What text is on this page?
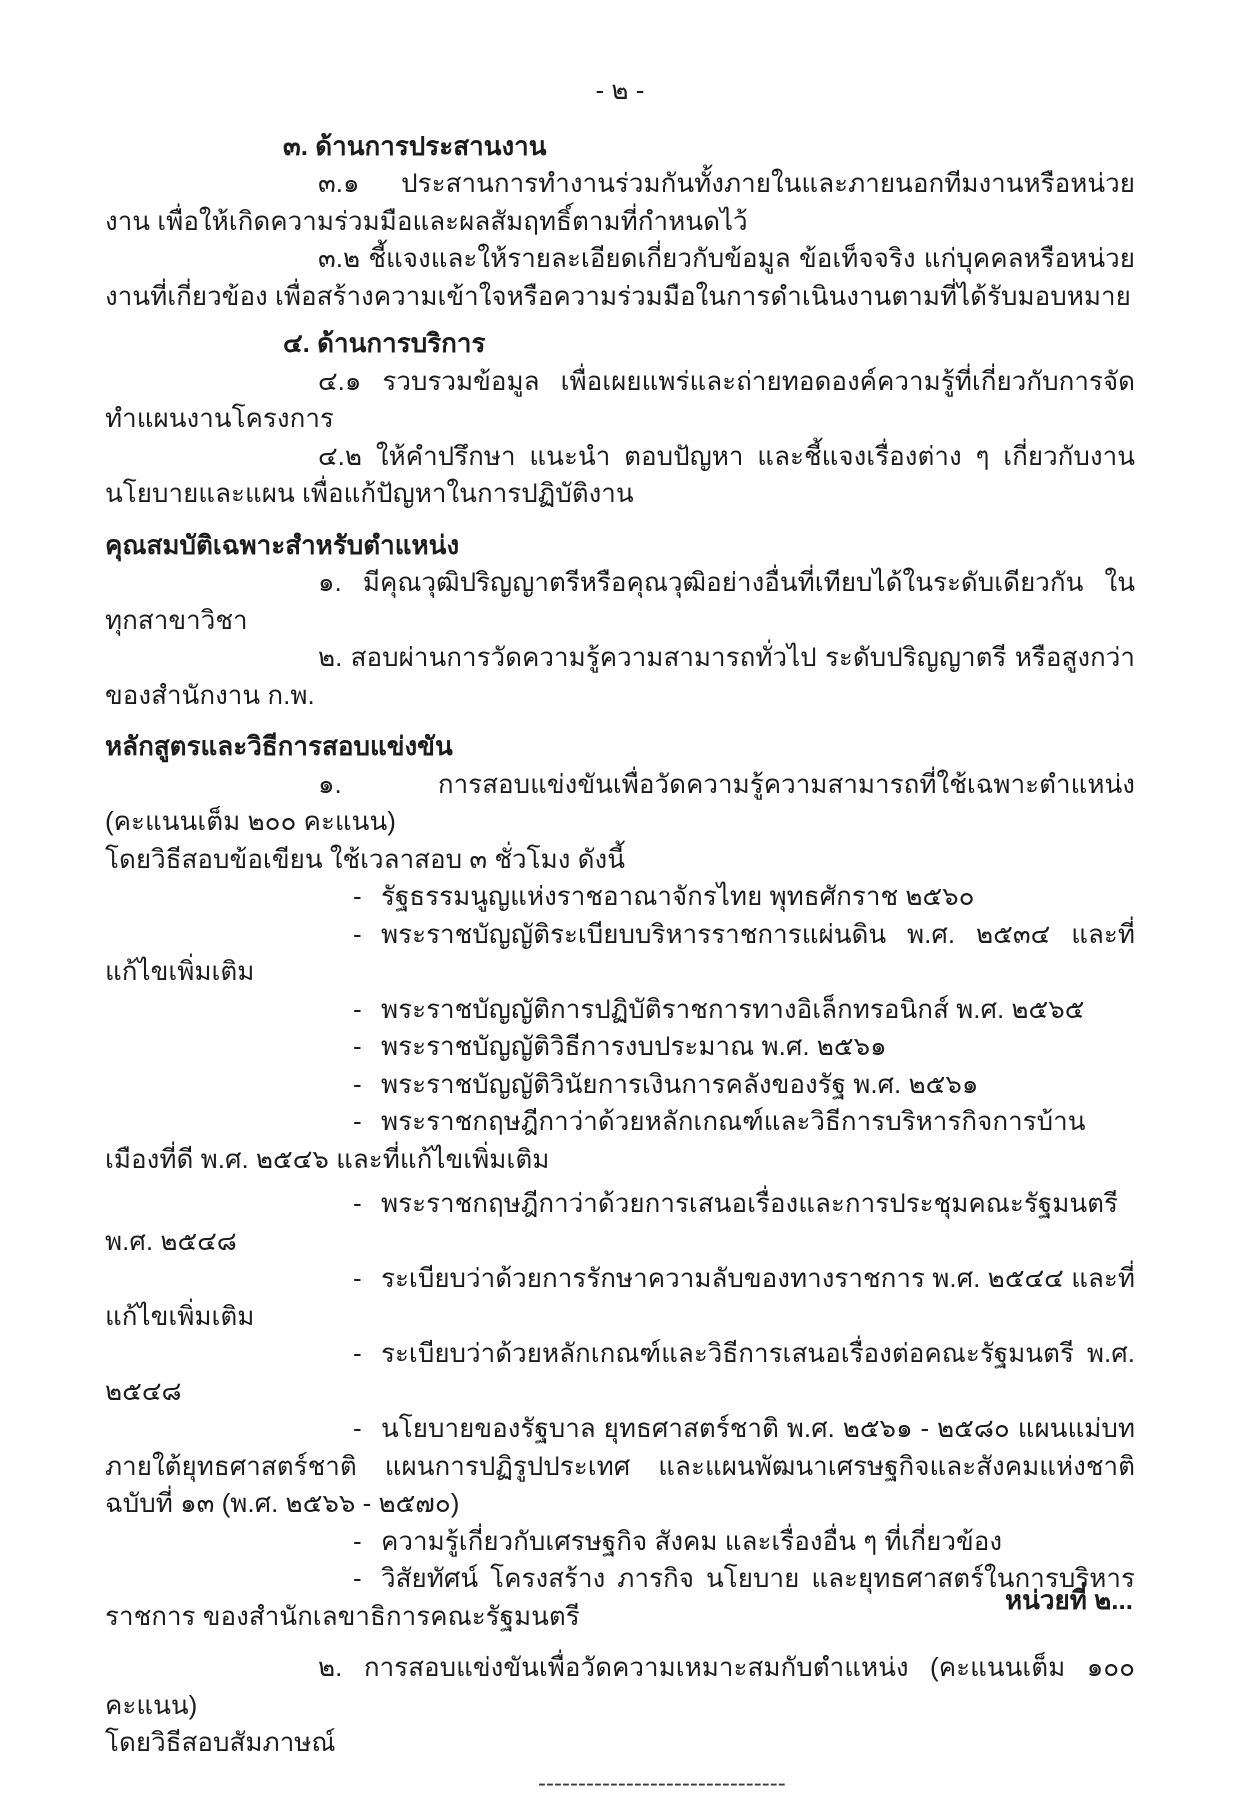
- ๒ -

๓. ด้านการประสานงาน

๓.๑ ประสานการทำงานร่วมกันทั้งภายในและภายนอกทีมงานหรือหน่วยงาน เพื่อให้เกิดความร่วมมือและผลสัมฤทธิ์ตามที่กำหนดไว้

๓.๒ ชี้แจงและให้รายละเอียดเกี่ยวกับข้อมูล ข้อเท็จจริง แก่บุคคลหรือหน่วยงานที่เกี่ยวข้อง เพื่อสร้างความเข้าใจหรือความร่วมมือในการดำเนินงานตามที่ได้รับมอบหมาย

๔. ด้านการบริการ

๔.๑ รวบรวมข้อมูล เพื่อเผยแพร่และถ่ายทอดองค์ความรู้ที่เกี่ยวกับการจัดทำแผนงานโครงการ

๔.๒ ให้คำปรึกษา แนะนำ ตอบปัญหา และชี้แจงเรื่องต่าง ๆ เกี่ยวกับงานนโยบายและแผน เพื่อแก้ปัญหาในการปฏิบัติงาน

คุณสมบัติเฉพาะสำหรับตำแหน่ง

๑. มีคุณวุฒิปริญญาตรีหรือคุณวุฒิอย่างอื่นที่เทียบได้ในระดับเดียวกัน ในทุกสาขาวิชา

๒. สอบผ่านการวัดความรู้ความสามารถทั่วไป ระดับปริญญาตรี หรือสูงกว่า ของสำนักงาน ก.พ.

หลักสูตรและวิธีการสอบแข่งขัน

๑. การสอบแข่งขันเพื่อวัดความรู้ความสามารถที่ใช้เฉพาะตำแหน่ง (คะแนนเต็ม ๒๐๐ คะแนน)
โดยวิธีสอบข้อเขียน ใช้เวลาสอบ ๓ ชั่วโมง ดังนี้

- รัฐธรรมนูญแห่งราชอาณาจักรไทย พุทธศักราช ๒๕๖๐

- พระราชบัญญัติระเบียบบริหารราชการแผ่นดิน พ.ศ. ๒๕๓๔ และที่แก้ไขเพิ่มเติม

- พระราชบัญญัติการปฏิบัติราชการทางอิเล็กทรอนิกส์ พ.ศ. ๒๕๖๕

- พระราชบัญญัติวิธีการงบประมาณ พ.ศ. ๒๕๖๑

- พระราชบัญญัติวินัยการเงินการคลังของรัฐ พ.ศ. ๒๕๖๑

- พระราชกฤษฎีกาว่าด้วยหลักเกณฑ์และวิธีการบริหารกิจการบ้านเมืองที่ดี พ.ศ. ๒๕๔๖ และที่แก้ไขเพิ่มเติม

- พระราชกฤษฎีกาว่าด้วยการเสนอเรื่องและการประชุมคณะรัฐมนตรี พ.ศ. ๒๕๔๘

- ระเบียบว่าด้วยการรักษาความลับของทางราชการ พ.ศ. ๒๕๔๔ และที่แก้ไขเพิ่มเติม

- ระเบียบว่าด้วยหลักเกณฑ์และวิธีการเสนอเรื่องต่อคณะรัฐมนตรี พ.ศ. ๒๕๔๘

- นโยบายของรัฐบาล ยุทธศาสตร์ชาติ พ.ศ. ๒๕๖๑ - ๒๕๘๐ แผนแม่บท ภายใต้ยุทธศาสตร์ชาติ แผนการปฏิรูปประเทศ และแผนพัฒนาเศรษฐกิจและสังคมแห่งชาติ ฉบับที่ ๑๓ (พ.ศ. ๒๕๖๖ - ๒๕๗๐)

- ความรู้เกี่ยวกับเศรษฐกิจ สังคม และเรื่องอื่น ๆ ที่เกี่ยวข้อง

- วิสัยทัศน์ โครงสร้าง ภารกิจ นโยบาย และยุทธศาสตร์ในการบริหารราชการ ของสำนักเลขาธิการคณะรัฐมนตรี

๒. การสอบแข่งขันเพื่อวัดความเหมาะสมกับตำแหน่ง (คะแนนเต็ม ๑๐๐ คะแนน)
โดยวิธีสอบสัมภาษณ์

-------------------------------

หน่วยที่ ๒...
